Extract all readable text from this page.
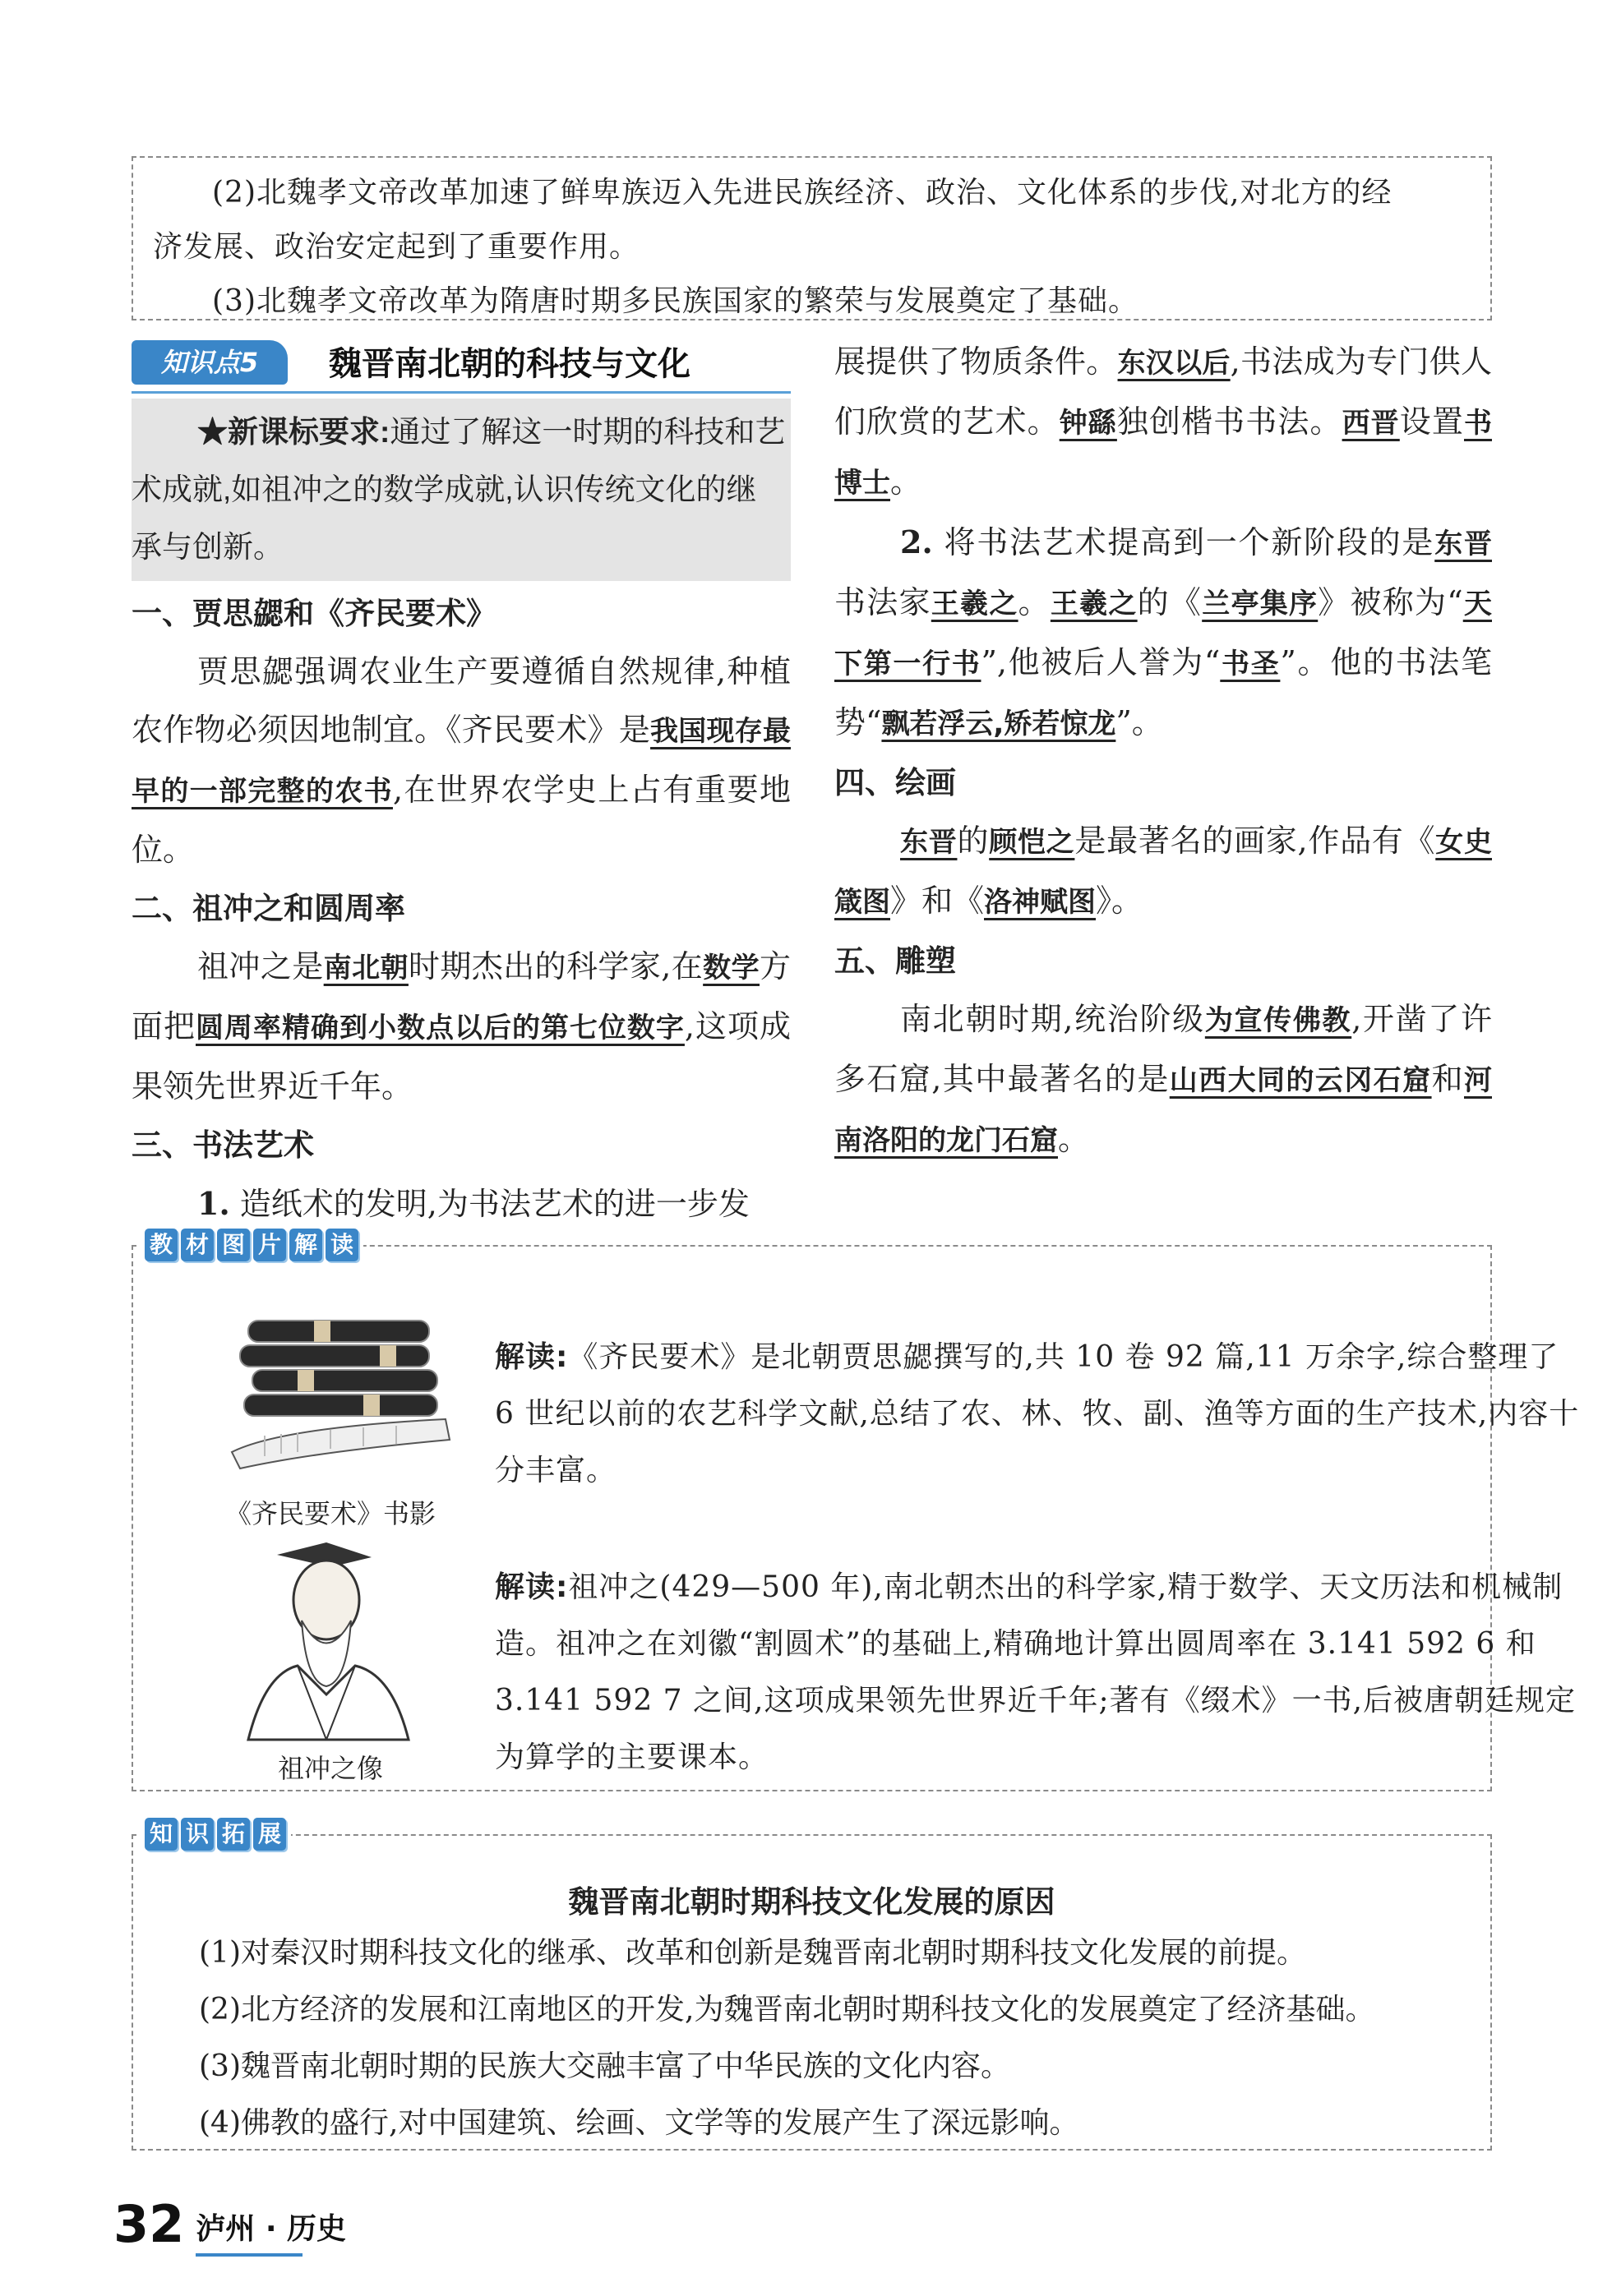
(2)北魏孝文帝改革加速了鲜卑族迈入先进民族经济、政治、文化体系的步伐,对北方的经

济发展、政治安定起到了重要作用。

(3)北魏孝文帝改革为隋唐时期多民族国家的繁荣与发展奠定了基础。

知识点5	魏晋南北朝的科技与文化
★新课标要求:通过了解这一时期的科技和艺术成就,如祖冲之的数学成就,认识传统文化的继承与创新。

一、贾思勰和《齐民要术》

贾思勰强调农业生产要遵循自然规律,种植农作物必须因地制宜。《齐民要术》是我国现存最早的一部完整的农书,在世界农学史上占有重要地位。

二、祖冲之和圆周率

祖冲之是南北朝时期杰出的科学家,在数学方面把圆周率精确到小数点以后的第七位数字,这项成果领先世界近千年。

三、书法艺术

1. 造纸术的发明,为书法艺术的进一步发

展提供了物质条件。东汉以后,书法成为专门供人们欣赏的艺术。钟繇独创楷书书法。西晋设置书博士。

2. 将书法艺术提高到一个新阶段的是东晋书法家王羲之。王羲之的《兰亭集序》被称为“天下第一行书”,他被后人誉为“书圣”。他的书法笔势“飘若浮云,矫若惊龙”。

四、绘画

东晋的顾恺之是最著名的画家,作品有《女史箴图》和《洛神赋图》。

五、雕塑

南北朝时期,统治阶级为宣传佛教,开凿了许多石窟,其中最著名的是山西大同的云冈石窟和河南洛阳的龙门石窟。

教 材 图 片 解 读
《齐民要术》书影
祖冲之像
解读:《齐民要术》是北朝贾思勰撰写的,共 10 卷 92 篇,11 万余字,综合整理了 6 世纪以前的农艺科学文献,总结了农、林、牧、副、渔等方面的生产技术,内容十分丰富。
解读:祖冲之(429—500 年),南北朝杰出的科学家,精于数学、天文历法和机械制造。祖冲之在刘徽“割圆术”的基础上,精确地计算出圆周率在 3.141 592 6 和 3.141 592 7 之间,这项成果领先世界近千年;著有《缀术》一书,后被唐朝廷规定为算学的主要课本。
知 识 拓 展
魏晋南北朝时期科技文化发展的原因

(1)对秦汉时期科技文化的继承、改革和创新是魏晋南北朝时期科技文化发展的前提。

(2)北方经济的发展和江南地区的开发,为魏晋南北朝时期科技文化的发展奠定了经济基础。

(3)魏晋南北朝时期的民族大交融丰富了中华民族的文化内容。

(4)佛教的盛行,对中国建筑、绘画、文学等的发展产生了深远影响。

32 泸州 · 历史
